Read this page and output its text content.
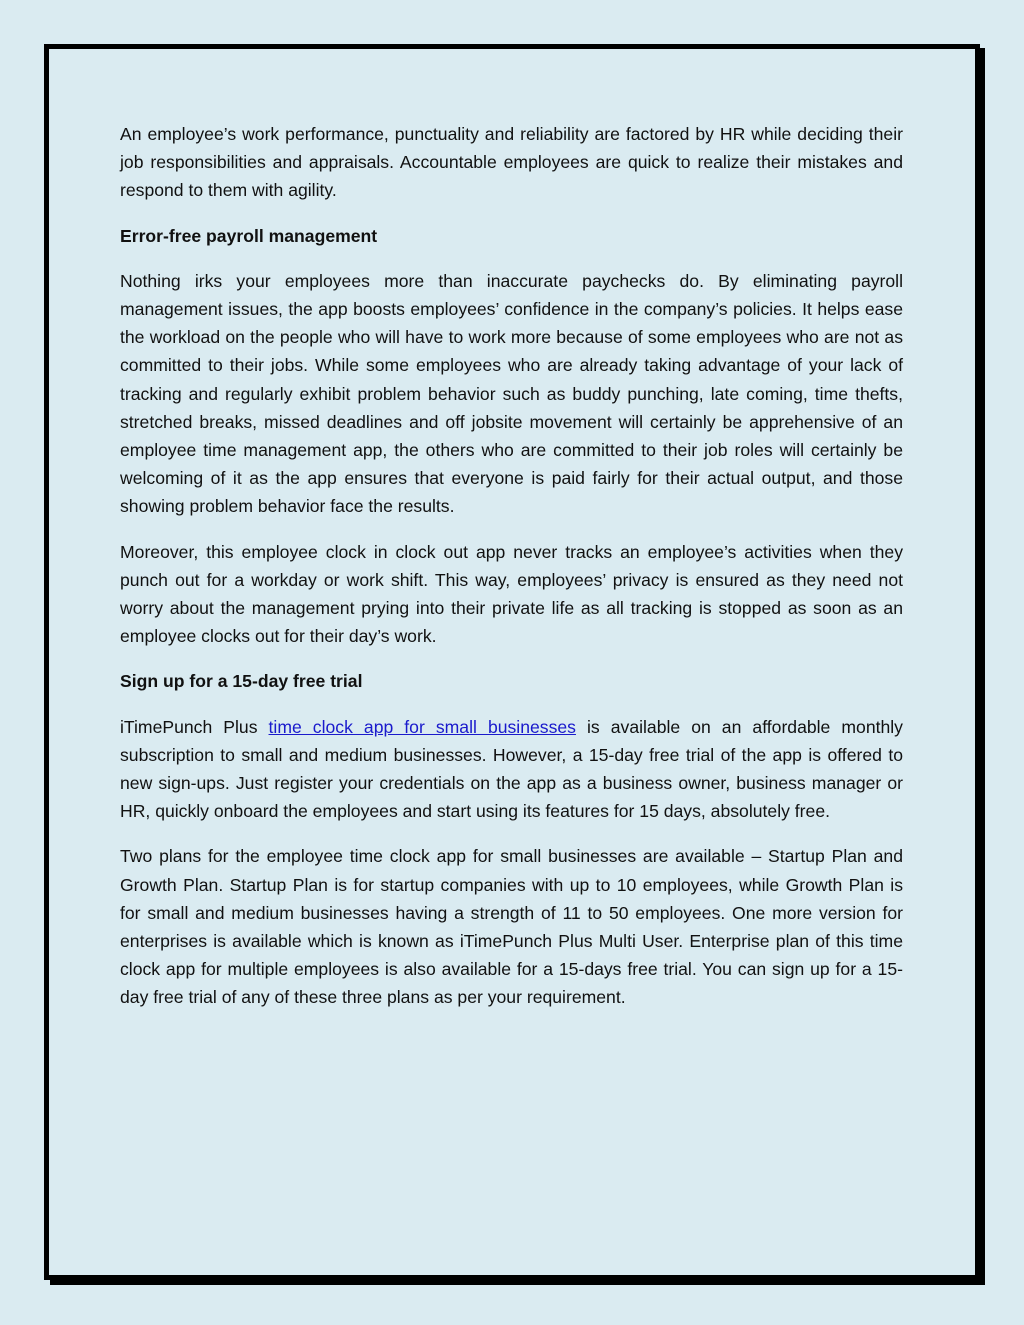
An employee’s work performance, punctuality and reliability are factored by HR while deciding their job responsibilities and appraisals. Accountable employees are quick to realize their mistakes and respond to them with agility.

Error-free payroll management

Nothing irks your employees more than inaccurate paychecks do. By eliminating payroll management issues, the app boosts employees’ confidence in the company’s policies. It helps ease the workload on the people who will have to work more because of some employees who are not as committed to their jobs. While some employees who are already taking advantage of your lack of tracking and regularly exhibit problem behavior such as buddy punching, late coming, time thefts, stretched breaks, missed deadlines and off jobsite movement will certainly be apprehensive of an employee time management app, the others who are committed to their job roles will certainly be welcoming of it as the app ensures that everyone is paid fairly for their actual output, and those showing problem behavior face the results.

Moreover, this employee clock in clock out app never tracks an employee’s activities when they punch out for a workday or work shift. This way, employees’ privacy is ensured as they need not worry about the management prying into their private life as all tracking is stopped as soon as an employee clocks out for their day’s work.

Sign up for a 15-day free trial

iTimePunch Plus time clock app for small businesses is available on an affordable monthly subscription to small and medium businesses. However, a 15-day free trial of the app is offered to new sign-ups. Just register your credentials on the app as a business owner, business manager or HR, quickly onboard the employees and start using its features for 15 days, absolutely free.

Two plans for the employee time clock app for small businesses are available – Startup Plan and Growth Plan. Startup Plan is for startup companies with up to 10 employees, while Growth Plan is for small and medium businesses having a strength of 11 to 50 employees. One more version for enterprises is available which is known as iTimePunch Plus Multi User. Enterprise plan of this time clock app for multiple employees is also available for a 15-days free trial. You can sign up for a 15-day free trial of any of these three plans as per your requirement.
